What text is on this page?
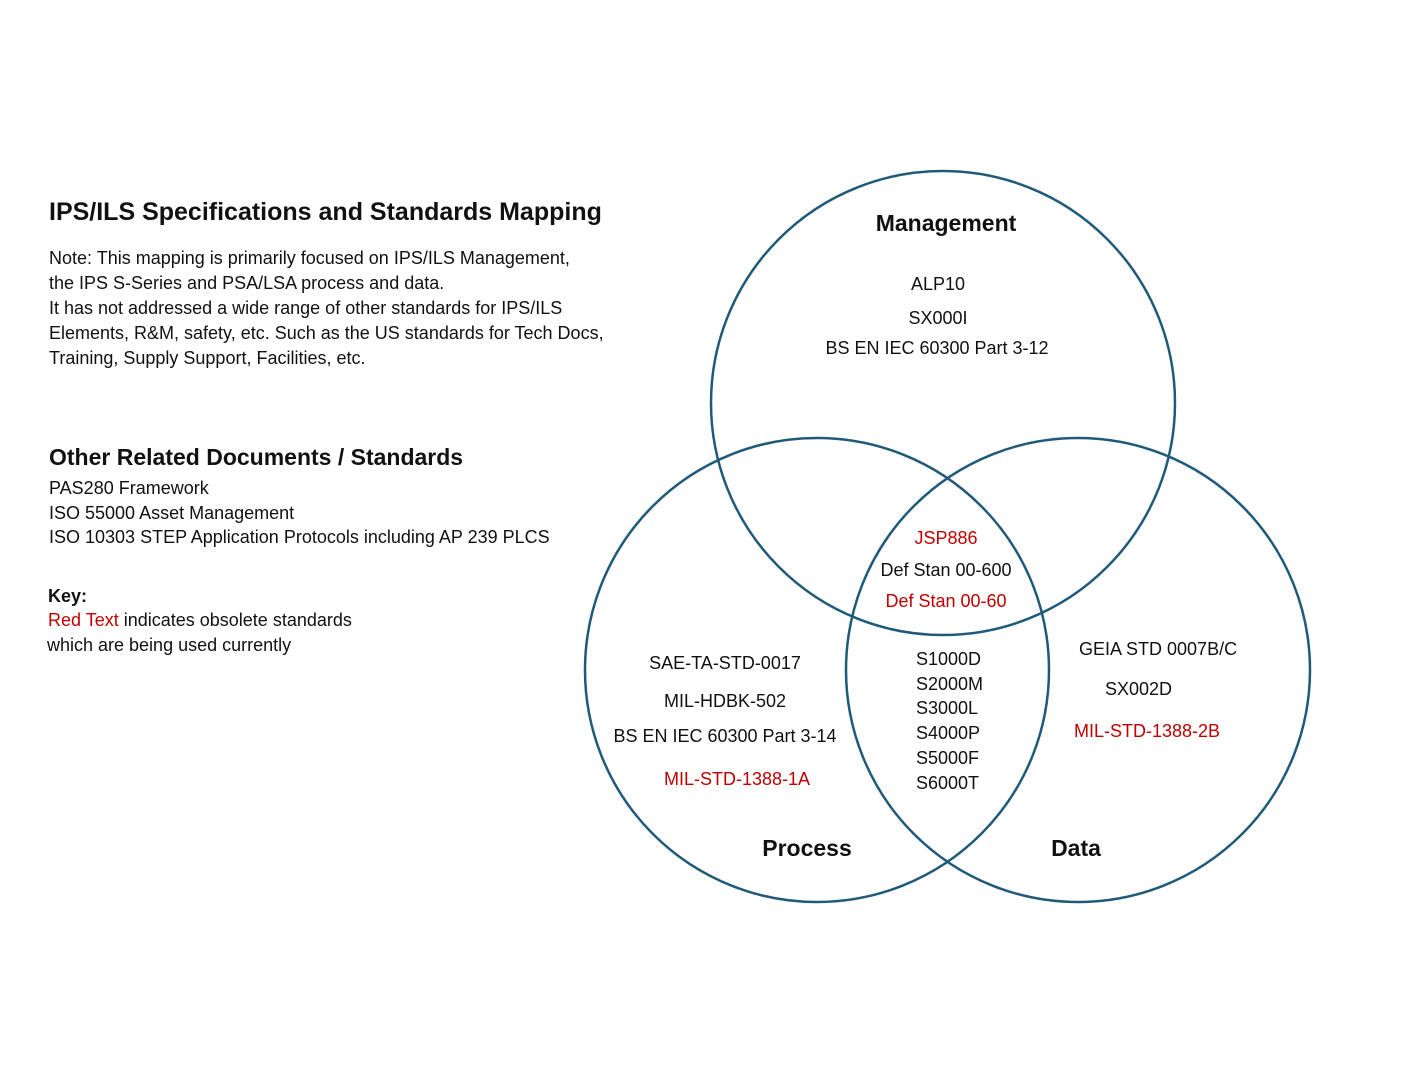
IPS/ILS Specifications and Standards Mapping
Note: This mapping is primarily focused on IPS/ILS Management,
the IPS S-Series and PSA/LSA process and data.
It has not addressed a wide range of other standards for IPS/ILS
Elements, R&M, safety, etc. Such as the US standards for Tech Docs,
Training, Supply Support, Facilities, etc.
Other Related Documents / Standards
PAS280 Framework
ISO 55000 Asset Management
ISO 10303 STEP Application Protocols including AP 239 PLCS
Key:
Red Text indicates obsolete standards
which are being used currently
Management
ALP10
SX000I
BS EN IEC 60300 Part 3-12
JSP886
Def Stan 00-600
Def Stan 00-60
SAE-TA-STD-0017
MIL-HDBK-502
BS EN IEC 60300 Part 3-14
MIL-STD-1388-1A
Process
S1000D
S2000M
S3000L
S4000P
S5000F
S6000T
GEIA STD 0007B/C
SX002D
MIL-STD-1388-2B
Data
